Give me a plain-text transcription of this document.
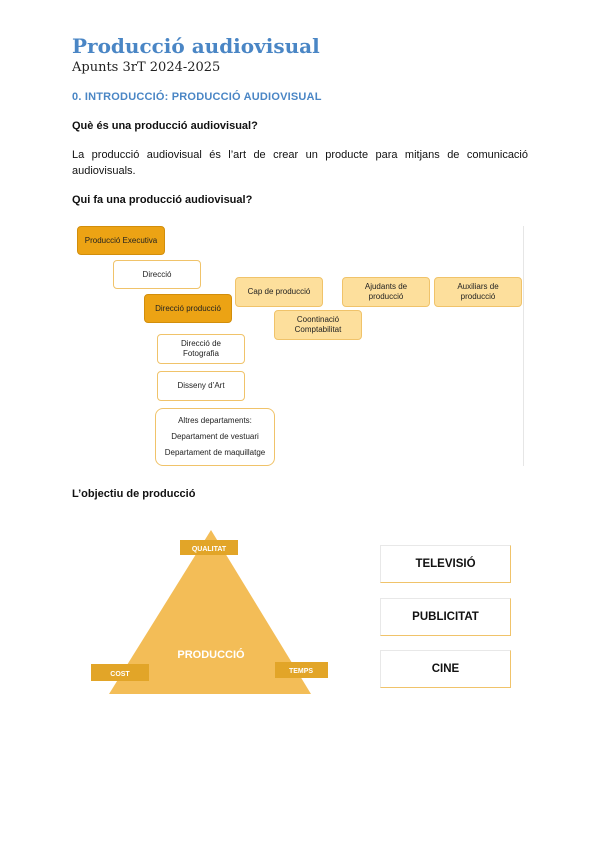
Producció audiovisual
Apunts 3rT 2024-2025
0. INTRODUCCIÓ: PRODUCCIÓ AUDIOVISUAL
Què és una producció audiovisual?
La producció audiovisual és l’art de crear un producte para mitjans de comunicació audiovisuals.
Qui fa una producció audiovisual?
Producció Executiva
Direcció
Direcció producció
Direcció de
Fotografia
Disseny d’Art
Altres departaments:
Departament de vestuari
Departament de maquillatge
Cap de producció
Ajudants de
producció
Auxiliars de
producció
Coontinació
Comptabilitat
L’objectiu de producció
PRODUCCIÓ
QUALITAT
COST	TEMPS
TELEVISIÓ
PUBLICITAT
CINE
